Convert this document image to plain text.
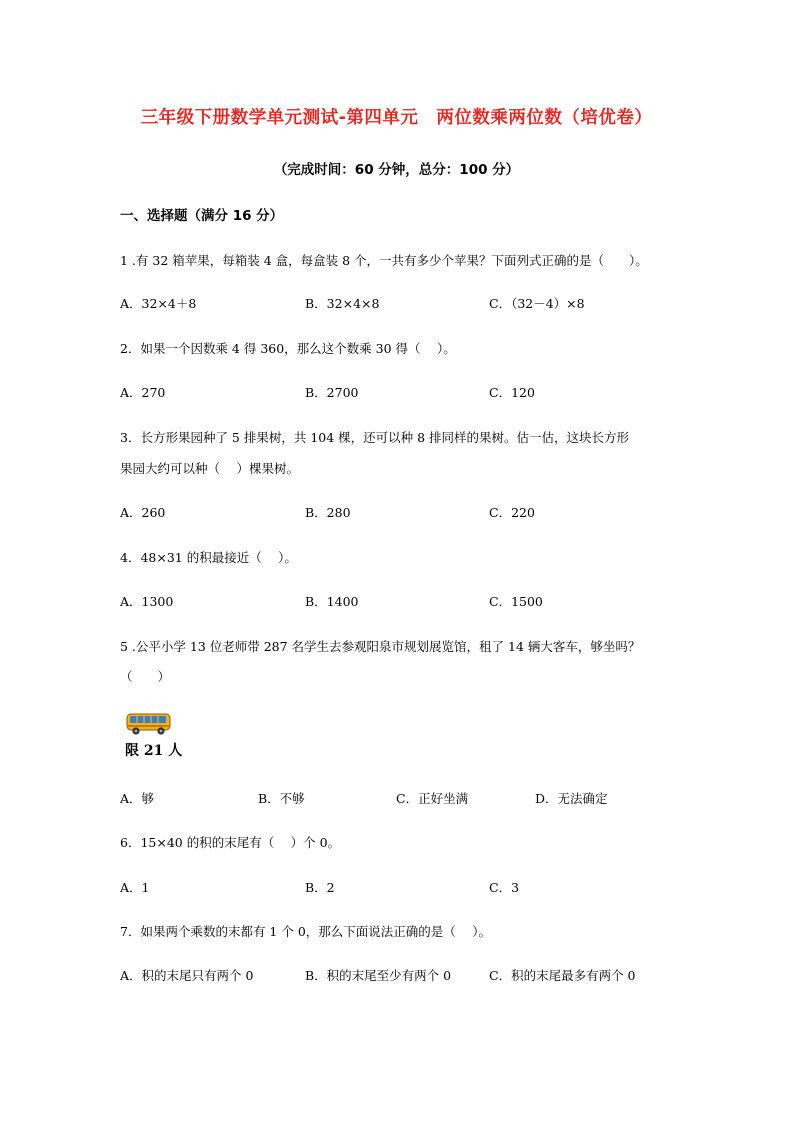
三年级下册数学单元测试-第四单元　两位数乘两位数（培优卷）
（完成时间：60 分钟，总分：100 分）
一、选择题（满分 16 分）
1 .有 32 箱苹果，每箱装 4 盒，每盒装 8 个，一共有多少个苹果？下面列式正确的是（　　）。
A．32×4＋8	B．32×4×8	C．（32－4）×8
2．如果一个因数乘 4 得 360，那么这个数乘 30 得（　 ）。
A．270	B．2700	C．120
3．长方形果园种了 5 排果树，共 104 棵，还可以种 8 排同样的果树。估一估，这块长方形
果园大约可以种（　 ）棵果树。
A．260	B．280	C．220
4．48×31 的积最接近（　 ）。
A．1300	B．1400	C．1500
5 .公平小学 13 位老师带 287 名学生去参观阳泉市规划展览馆，租了 14 辆大客车，够坐吗？
（　　）
限 21 人
A．够	B．不够	C．正好坐满	D．无法确定
6．15×40 的积的末尾有（　 ）个 0。
A．1	B．2	C．3
7．如果两个乘数的末都有 1 个 0，那么下面说法正确的是（　 ）。
A．积的末尾只有两个 0	B．积的末尾至少有两个 0	C．积的末尾最多有两个 0
